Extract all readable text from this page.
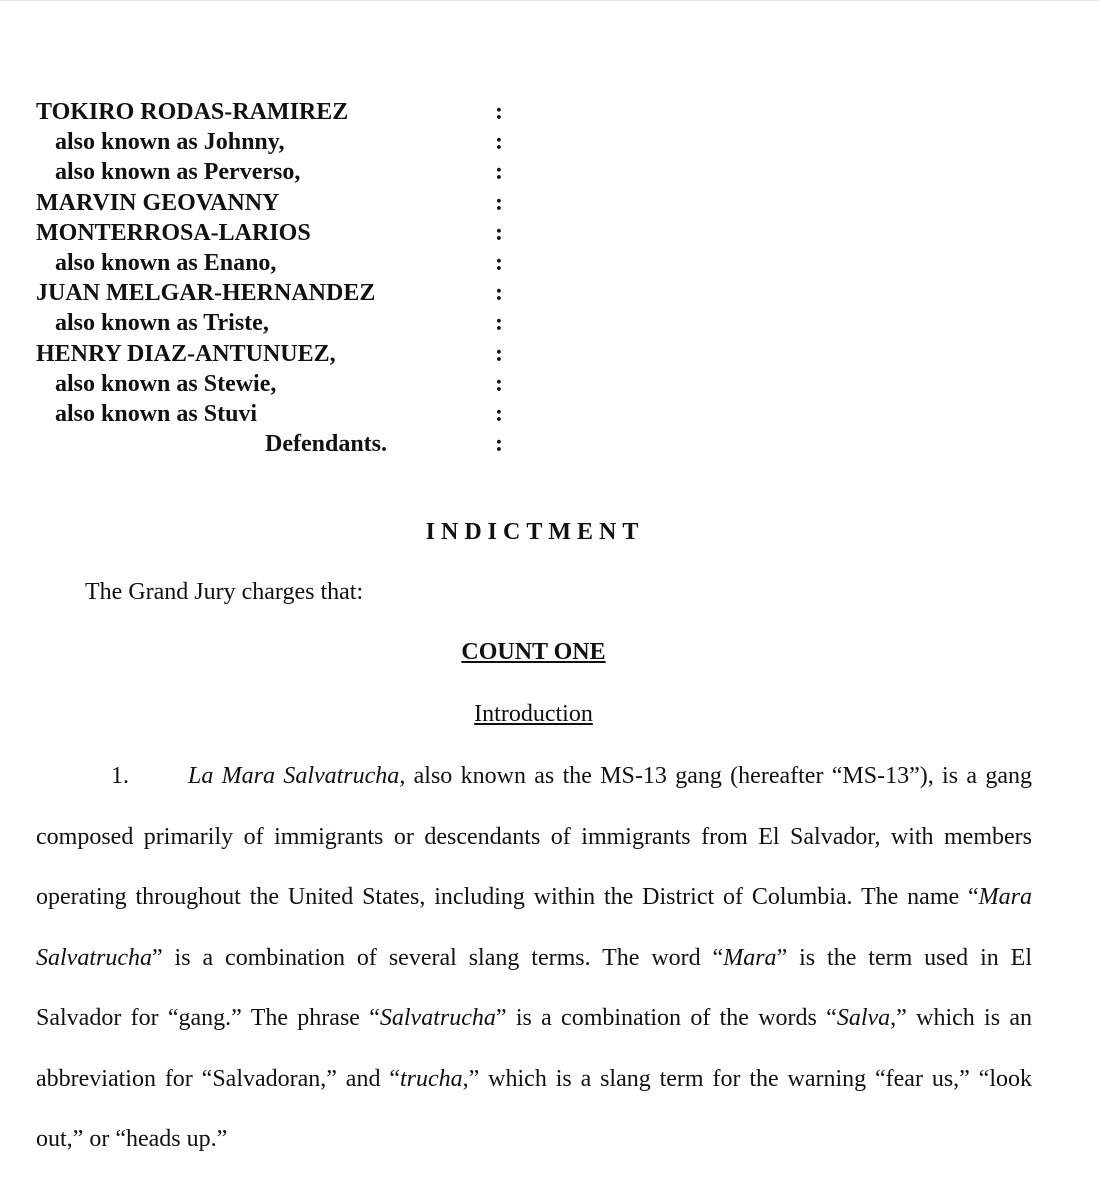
TOKIRO RODAS-RAMIREZ	:
also known as Johnny,	:
also known as Perverso,	:
MARVIN GEOVANNY	:
MONTERROSA-LARIOS	:
also known as Enano,	:
JUAN MELGAR-HERNANDEZ	:
also known as Triste,	:
HENRY DIAZ-ANTUNUEZ,	:
also known as Stewie,	:
also known as Stuvi	:
Defendants.	:
INDICTMENT
The Grand Jury charges that:
COUNT ONE
Introduction
1. La Mara Salvatrucha, also known as the MS-13 gang (hereafter “MS-13”), is a gang
composed primarily of immigrants or descendants of immigrants from El Salvador, with members
operating throughout the United States, including within the District of Columbia. The name “Mara
Salvatrucha” is a combination of several slang terms. The word “Mara” is the term used in El
Salvador for “gang.” The phrase “Salvatrucha” is a combination of the words “Salva,” which is an
abbreviation for “Salvadoran,” and “trucha,” which is a slang term for the warning “fear us,” “look
out,” or “heads up.”
